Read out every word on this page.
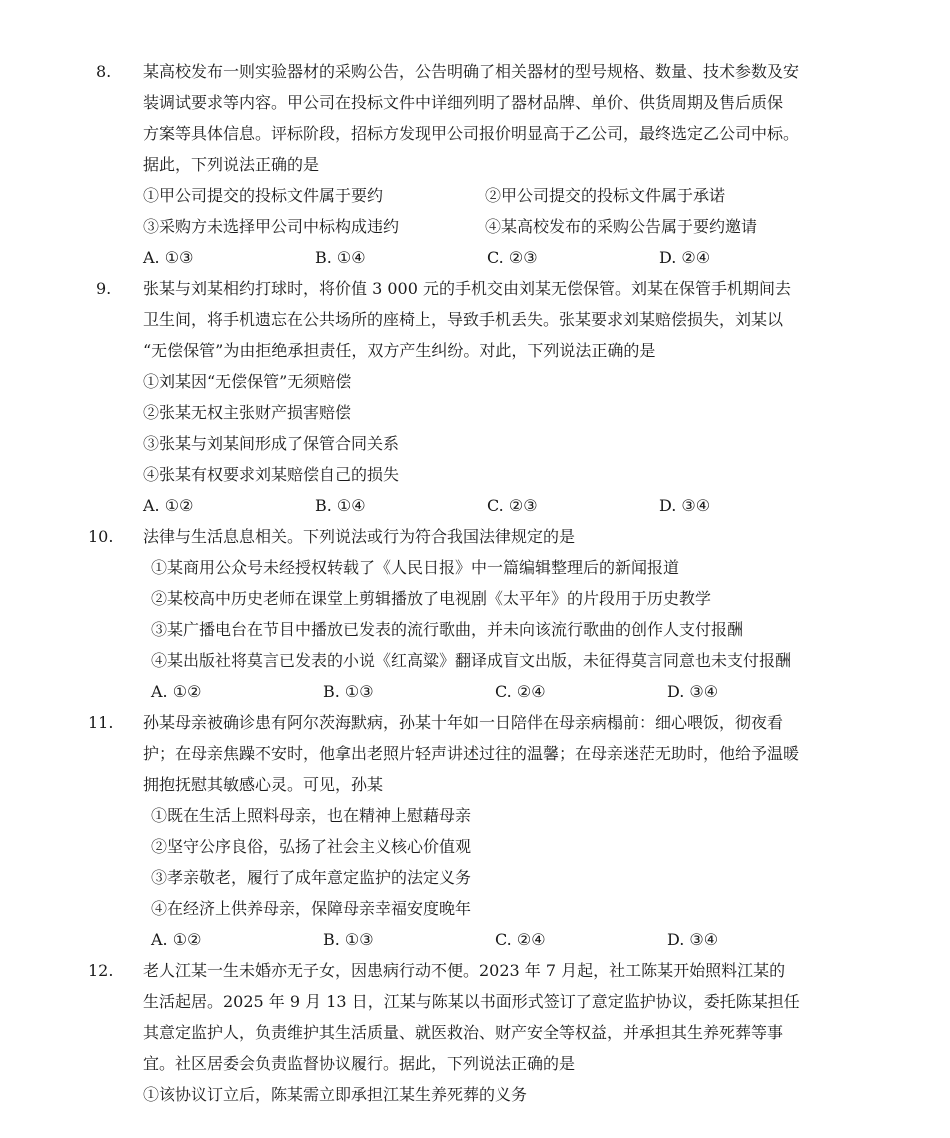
8. 某高校发布一则实验器材的采购公告，公告明确了相关器材的型号规格、数量、技术参数及安
装调试要求等内容。甲公司在投标文件中详细列明了器材品牌、单价、供货周期及售后质保
方案等具体信息。评标阶段，招标方发现甲公司报价明显高于乙公司，最终选定乙公司中标。
据此，下列说法正确的是
①甲公司提交的投标文件属于要约	②甲公司提交的投标文件属于承诺
③采购方未选择甲公司中标构成违约	④某高校发布的采购公告属于要约邀请
A. ①③	B. ①④	C. ②③	D. ②④
9. 张某与刘某相约打球时，将价值 3 000 元的手机交由刘某无偿保管。刘某在保管手机期间去
卫生间，将手机遗忘在公共场所的座椅上，导致手机丢失。张某要求刘某赔偿损失，刘某以
“无偿保管”为由拒绝承担责任，双方产生纠纷。对此，下列说法正确的是
①刘某因“无偿保管”无须赔偿
②张某无权主张财产损害赔偿
③张某与刘某间形成了保管合同关系
④张某有权要求刘某赔偿自己的损失
A. ①②	B. ①④	C. ②③	D. ③④
10. 法律与生活息息相关。下列说法或行为符合我国法律规定的是
①某商用公众号未经授权转载了《人民日报》中一篇编辑整理后的新闻报道
②某校高中历史老师在课堂上剪辑播放了电视剧《太平年》的片段用于历史教学
③某广播电台在节目中播放已发表的流行歌曲，并未向该流行歌曲的创作人支付报酬
④某出版社将莫言已发表的小说《红高粱》翻译成盲文出版，未征得莫言同意也未支付报酬
A. ①②	B. ①③	C. ②④	D. ③④
11. 孙某母亲被确诊患有阿尔茨海默病，孙某十年如一日陪伴在母亲病榻前：细心喂饭，彻夜看
护；在母亲焦躁不安时，他拿出老照片轻声讲述过往的温馨；在母亲迷茫无助时，他给予温暖
拥抱抚慰其敏感心灵。可见，孙某
①既在生活上照料母亲，也在精神上慰藉母亲
②坚守公序良俗，弘扬了社会主义核心价值观
③孝亲敬老，履行了成年意定监护的法定义务
④在经济上供养母亲，保障母亲幸福安度晚年
A. ①②	B. ①③	C. ②④	D. ③④
12. 老人江某一生未婚亦无子女，因患病行动不便。2023 年 7 月起，社工陈某开始照料江某的
生活起居。2025 年 9 月 13 日，江某与陈某以书面形式签订了意定监护协议，委托陈某担任
其意定监护人，负责维护其生活质量、就医救治、财产安全等权益，并承担其生养死葬等事
宜。社区居委会负责监督协议履行。据此，下列说法正确的是
①该协议订立后，陈某需立即承担江某生养死葬的义务
